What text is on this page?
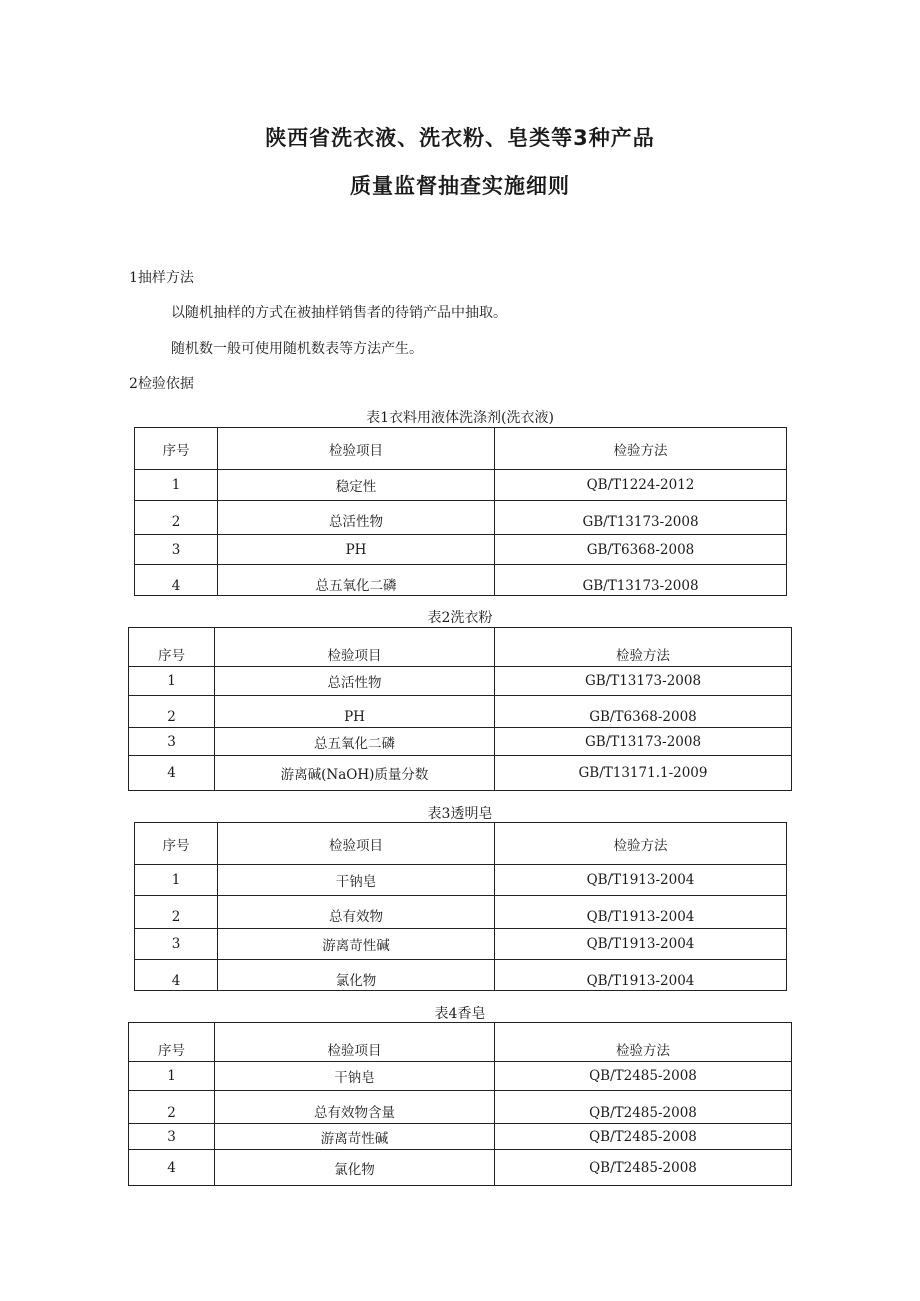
陕西省洗衣液、洗衣粉、皂类等3种产品
质量监督抽查实施细则
1抽样方法
以随机抽样的方式在被抽样销售者的待销产品中抽取。
随机数一般可使用随机数表等方法产生。
2检验依据
表1衣料用液体洗涤剂(洗衣液)
序号	检验项目	检验方法
1	稳定性	QB/T1224-2012
2	总活性物	GB/T13173-2008
3	PH	GB/T6368-2008
4	总五氧化二磷	GB/T13173-2008
表2洗衣粉
序号	检验项目	检验方法
1	总活性物	GB/T13173-2008
2	PH	GB/T6368-2008
3	总五氧化二磷	GB/T13173-2008
4	游离碱(NaOH)质量分数	GB/T13171.1-2009
表3透明皂
序号	检验项目	检验方法
1	干钠皂	QB/T1913-2004
2	总有效物	QB/T1913-2004
3	游离苛性碱	QB/T1913-2004
4	氯化物	QB/T1913-2004
表4香皂
序号	检验项目	检验方法
1	干钠皂	QB/T2485-2008
2	总有效物含量	QB/T2485-2008
3	游离苛性碱	QB/T2485-2008
4	氯化物	QB/T2485-2008
